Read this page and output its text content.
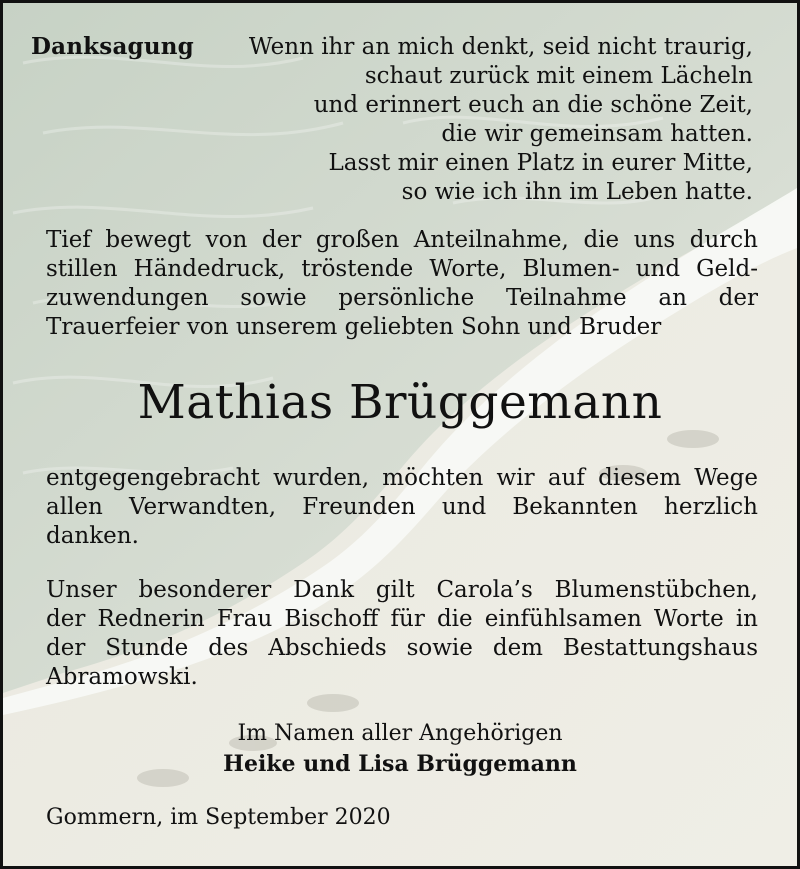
Danksagung	Wenn ihr an mich denkt, seid nicht traurig,
schaut zurück mit einem Lächeln
und erinnert euch an die schöne Zeit,
die wir gemeinsam hatten.
Lasst mir einen Platz in eurer Mitte,
so wie ich ihn im Leben hatte.
Tief bewegt von der großen Anteilnahme, die uns durch
stillen Händedruck, tröstende Worte, Blumen- und Geld-
zuwendungen sowie persönliche Teilnahme an der
Trauerfeier von unserem geliebten Sohn und Bruder
Mathias Brüggemann
entgegengebracht wurden, möchten wir auf diesem Wege
allen Verwandten, Freunden und Bekannten herzlich
danken.
Unser besonderer Dank gilt Carola’s Blumenstübchen,
der Rednerin Frau Bischoff für die einfühlsamen Worte in
der Stunde des Abschieds sowie dem Bestattungshaus
Abramowski.
Im Namen aller Angehörigen
Heike und Lisa Brüggemann
Gommern, im September 2020
